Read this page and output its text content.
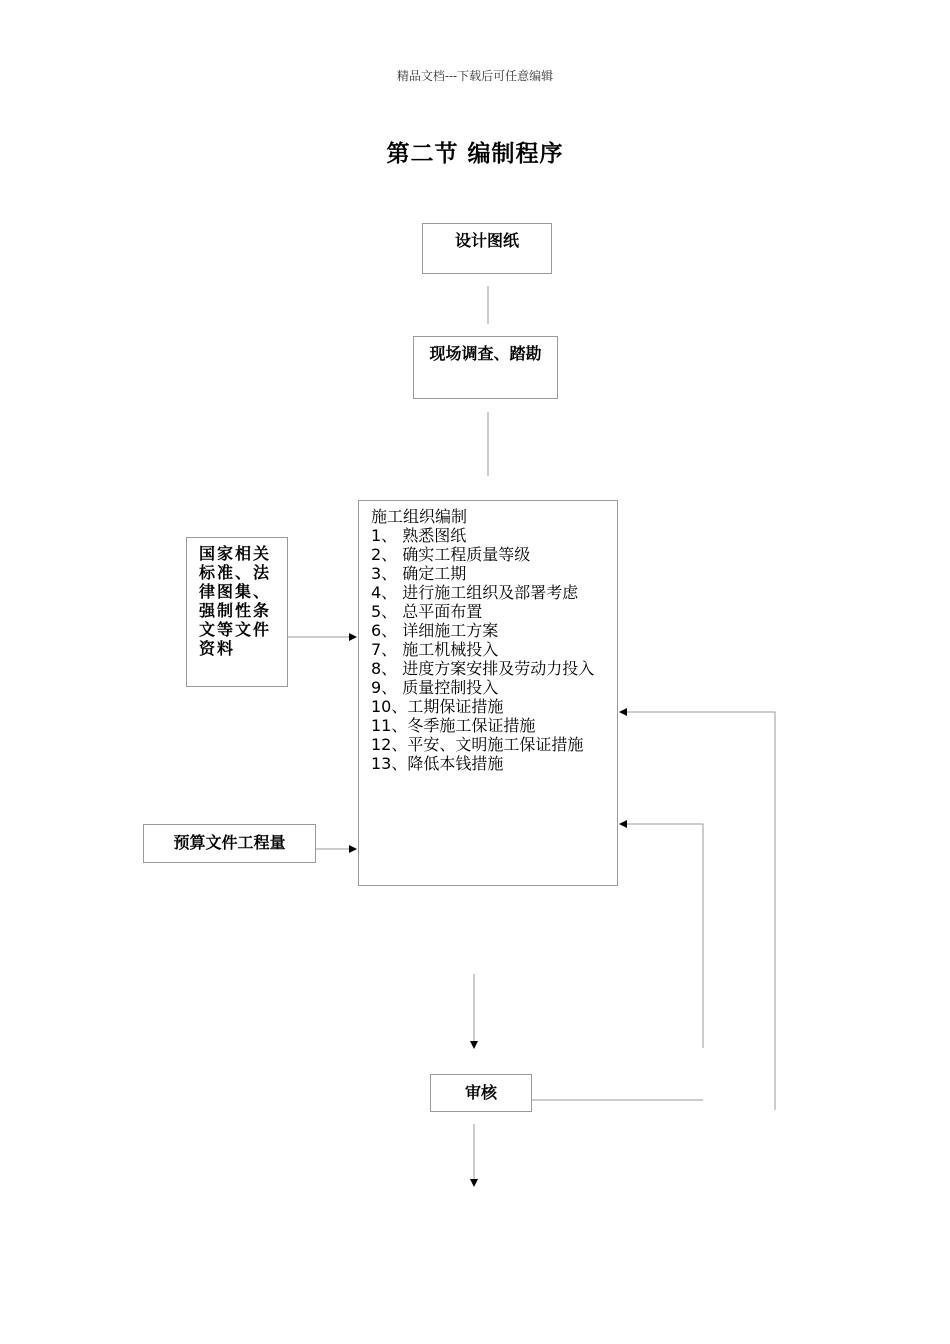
精品文档---下载后可任意编辑
第二节 编制程序
设计图纸
现场调查、踏勘
国家相关标准、法律图集、强制性条文等文件资料
预算文件工程量
施工组织编制
1、 熟悉图纸
2、 确实工程质量等级
3、 确定工期
4、 进行施工组织及部署考虑
5、 总平面布置
6、 详细施工方案
7、 施工机械投入
8、 进度方案安排及劳动力投入
9、 质量控制投入
10、工期保证措施
11、冬季施工保证措施
12、平安、文明施工保证措施
13、降低本钱措施
审核
